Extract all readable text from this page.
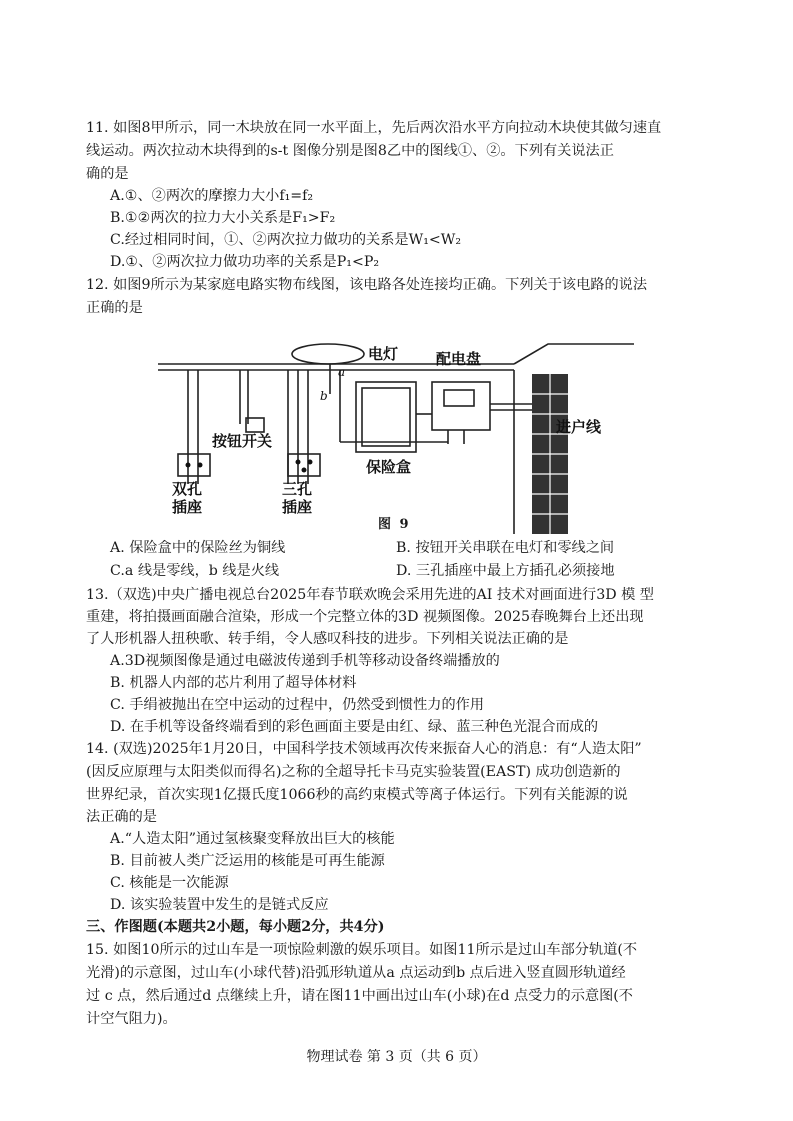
11. 如图8甲所示，同一木块放在同一水平面上，先后两次沿水平方向拉动木块使其做匀速直
线运动。两次拉动木块得到的s-t 图像分别是图8乙中的图线①、②。下列有关说法正
确的是
A.①、②两次的摩擦力大小f₁=f₂
B.①②两次的拉力大小关系是F₁>F₂
C.经过相同时间，①、②两次拉力做功的关系是W₁<W₂
D.①、②两次拉力做功功率的关系是P₁<P₂
12. 如图9所示为某家庭电路实物布线图，该电路各处连接均正确。下列关于该电路的说法
正确的是
电灯	配电盘
进户线
按钮开关
保险盒
双孔
插座
三孔
插座
a
b
图 9
A. 保险盒中的保险丝为铜线	B. 按钮开关串联在电灯和零线之间
C.a 线是零线，b 线是火线	D. 三孔插座中最上方插孔必须接地
13.（双选)中央广播电视总台2025年春节联欢晚会采用先进的AI 技术对画面进行3D 模 型
重建，将拍摄画面融合渲染，形成一个完整立体的3D 视频图像。2025春晚舞台上还出现
了人形机器人扭秧歌、转手绢，令人感叹科技的进步。下列相关说法正确的是
A.3D视频图像是通过电磁波传递到手机等移动设备终端播放的
B. 机器人内部的芯片利用了超导体材料
C. 手绢被抛出在空中运动的过程中，仍然受到惯性力的作用
D. 在手机等设备终端看到的彩色画面主要是由红、绿、蓝三种色光混合而成的
14. (双选)2025年1月20日，中国科学技术领域再次传来振奋人心的消息：有“人造太阳”
(因反应原理与太阳类似而得名)之称的全超导托卡马克实验装置(EAST) 成功创造新的
世界纪录，首次实现1亿摄氏度1066秒的高约束模式等离子体运行。下列有关能源的说
法正确的是
A.“人造太阳”通过氢核聚变释放出巨大的核能
B. 目前被人类广泛运用的核能是可再生能源
C. 核能是一次能源
D. 该实验装置中发生的是链式反应
三、作图题(本题共2小题，每小题2分，共4分)
15. 如图10所示的过山车是一项惊险刺激的娱乐项目。如图11所示是过山车部分轨道(不
光滑)的示意图，过山车(小球代替)沿弧形轨道从a 点运动到b 点后进入竖直圆形轨道经
过 c 点，然后通过d 点继续上升，请在图11中画出过山车(小球)在d 点受力的示意图(不
计空气阻力)。
物理试卷 第 3 页（共 6 页）
